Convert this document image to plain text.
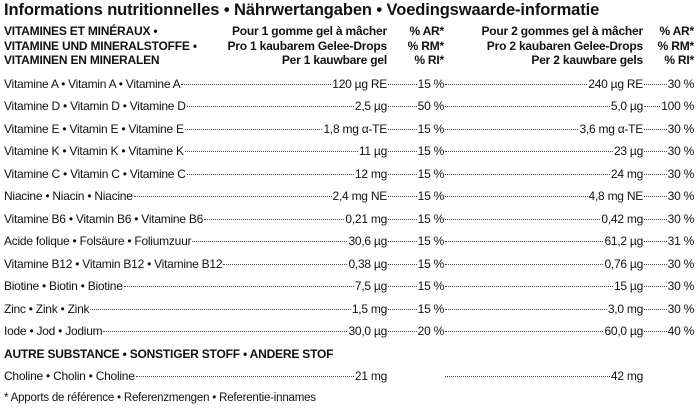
Informations nutritionnelles • Nährwertangaben • Voedingswaarde-informatie
VITAMINES ET MINÉRAUX •	Pour 1 gomme gel à mâcher	% AR*	Pour 2 gommes gel à mâcher	% AR*
VITAMINE UND MINERALSTOFFE •	Pro 1 kaubarem Gelee-Drops	% RM*	Pro 2 kaubaren Gelee-Drops	% RM*
VITAMINEN EN MINERALEN	Per 1 kauwbare gel	% RI*	Per 2 kauwbare gels	% RI*
Vitamine A • Vitamin A • Vitamine A	120 µg RE	15 %	240 µg RE 30 %
Vitamine D • Vitamin D • Vitamine D	2,5 µg	50 %	5,0 µg 100 %
Vitamine E • Vitamin E • Vitamine E	1,8 mg α-TE	15 %	3,6 mg α-TE 30 %
Vitamine K • Vitamin K • Vitamine K	11 µg	15 %	23 µg 30 %
Vitamine C • Vitamin C • Vitamine C	12 mg	15 %	24 mg 30 %
Niacine • Niacin • Niacine	2,4 mg NE	15 %	4,8 mg NE 30 %
Vitamine B6 • Vitamin B6 • Vitamine B6	0,21 mg	15 %	0,42 mg 30 %
Acide folique • Folsäure • Foliumzuur	30,6 µg	15 %	61,2 µg 31 %
Vitamine B12 • Vitamin B12 • Vitamine B12	0,38 µg	15 %	0,76 µg 30 %
Biotine • Biotin • Biotine	7,5 µg	15 %	15 µg 30 %
Zinc • Zink • Zink	1,5 mg	15 %	3,0 mg 30 %
Iode • Jod • Jodium	30,0 µg	20 %	60,0 µg 40 %
AUTRE SUBSTANCE • SONSTIGER STOFF • ANDERE STOF
Choline • Cholin • Choline	21 mg	42 mg
* Apports de référence • Referenzmengen • Referentie-innames
